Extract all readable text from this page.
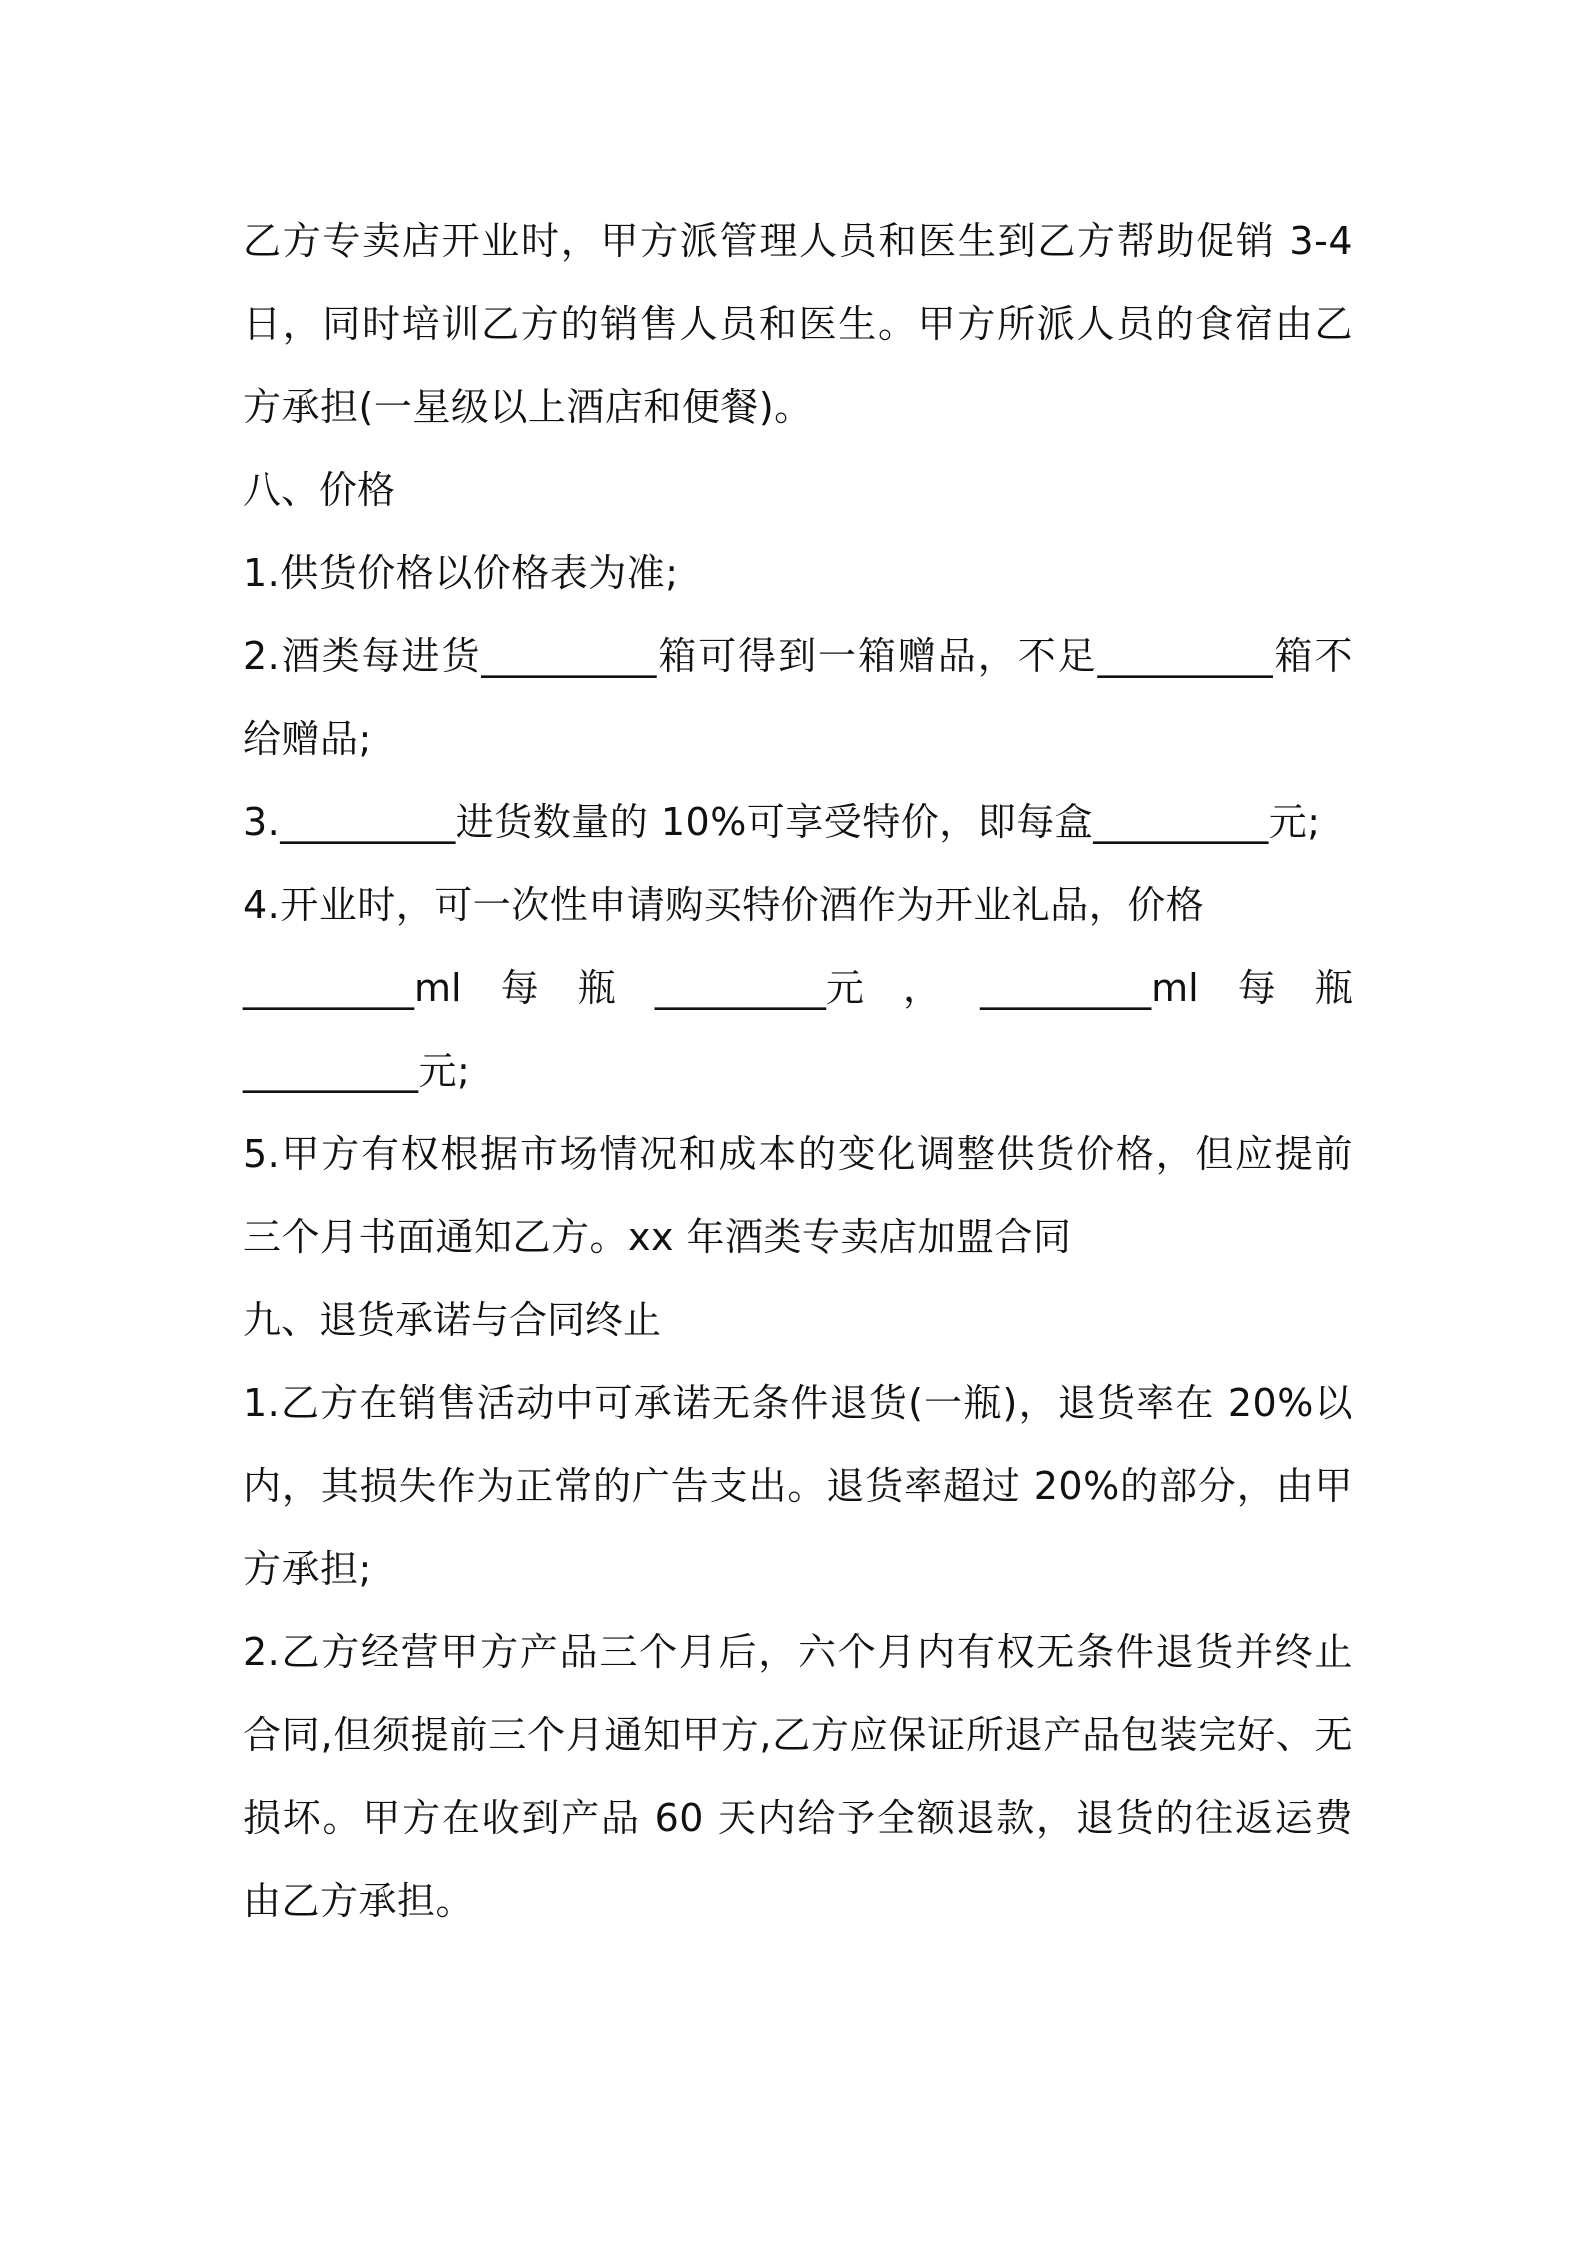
乙方专卖店开业时，甲方派管理人员和医生到乙方帮助促销 3-4 日，同时培训乙方的销售人员和医生。甲方所派人员的食宿由乙方承担(一星级以上酒店和便餐)。

八、价格

1.供货价格以价格表为准;

2.酒类每进货_________箱可得到一箱赠品，不足_________箱不给赠品;

3._________进货数量的 10%可享受特价，即每盒_________元;

4.开业时，可一次性申请购买特价酒作为开业礼品，价格

_________ml 每 瓶 _________元 ， _________ml 每 瓶

_________元;

5.甲方有权根据市场情况和成本的变化调整供货价格，但应提前三个月书面通知乙方。xx 年酒类专卖店加盟合同

九、退货承诺与合同终止

1.乙方在销售活动中可承诺无条件退货(一瓶)，退货率在 20%以内，其损失作为正常的广告支出。退货率超过 20%的部分，由甲方承担;

2.乙方经营甲方产品三个月后，六个月内有权无条件退货并终止合同,但须提前三个月通知甲方,乙方应保证所退产品包装完好、无损坏。甲方在收到产品 60 天内给予全额退款，退货的往返运费由乙方承担。
